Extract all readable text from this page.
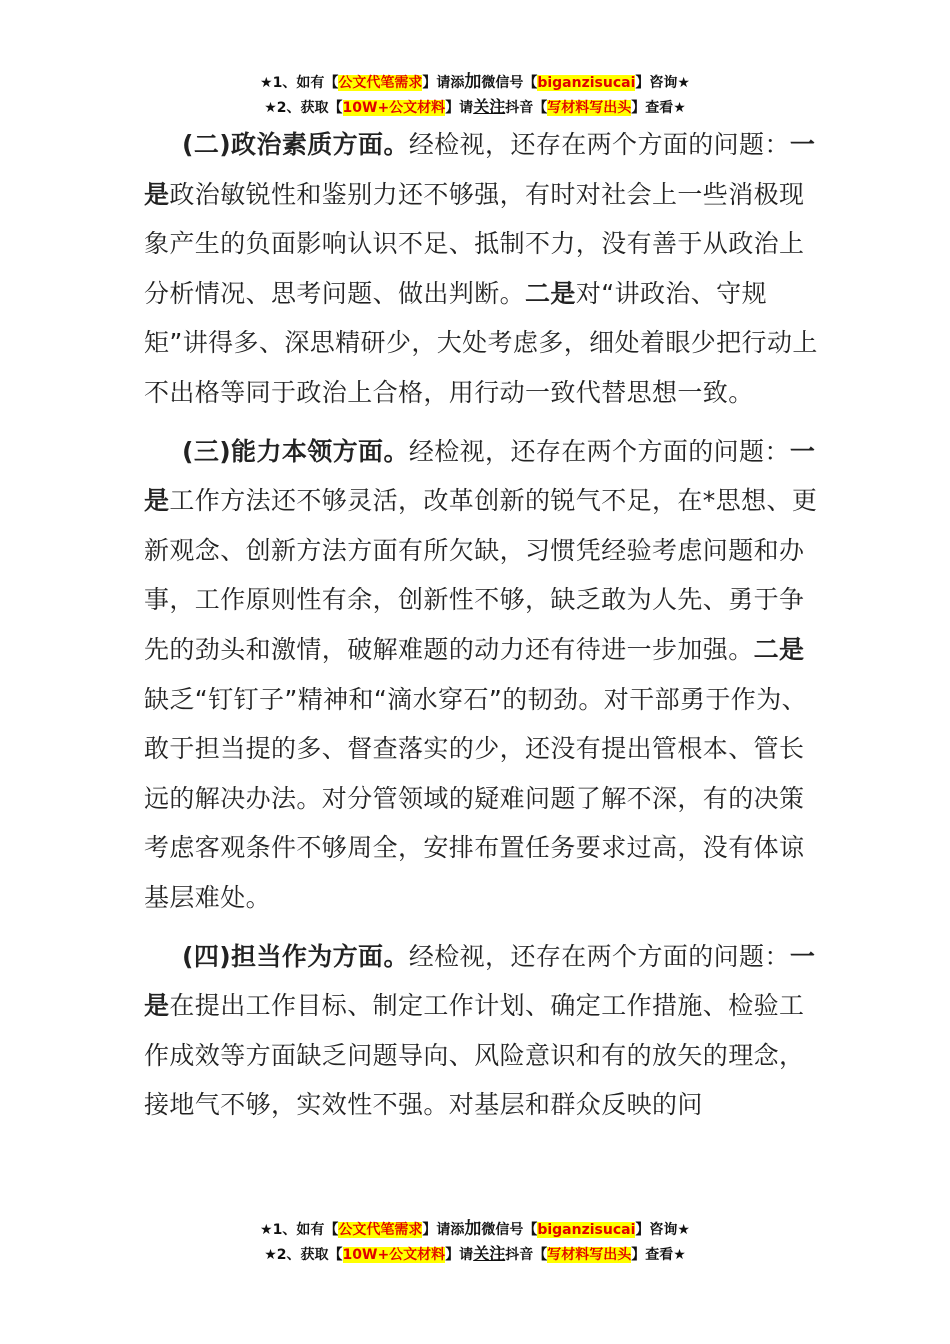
★1、如有【公文代笔需求】请添加微信号【biganzisucai】咨询★
★2、获取【10W+公文材料】请关注抖音【写材料写出头】查看★

(二)政治素质方面。经检视，还存在两个方面的问题：一是政治敏锐性和鉴别力还不够强，有时对社会上一些消极现象产生的负面影响认识不足、抵制不力，没有善于从政治上分析情况、思考问题、做出判断。二是对“讲政治、守规矩”讲得多、深思精研少，大处考虑多，细处着眼少把行动上不出格等同于政治上合格，用行动一致代替思想一致。

(三)能力本领方面。经检视，还存在两个方面的问题：一是工作方法还不够灵活，改革创新的锐气不足，在*思想、更新观念、创新方法方面有所欠缺，习惯凭经验考虑问题和办事，工作原则性有余，创新性不够，缺乏敢为人先、勇于争先的劲头和激情，破解难题的动力还有待进一步加强。二是缺乏“钉钉子”精神和“滴水穿石”的韧劲。对干部勇于作为、敢于担当提的多、督查落实的少，还没有提出管根本、管长远的解决办法。对分管领域的疑难问题了解不深，有的决策考虑客观条件不够周全，安排布置任务要求过高，没有体谅基层难处。

(四)担当作为方面。经检视，还存在两个方面的问题：一是在提出工作目标、制定工作计划、确定工作措施、检验工作成效等方面缺乏问题导向、风险意识和有的放矢的理念，接地气不够，实效性不强。对基层和群众反映的问

★1、如有【公文代笔需求】请添加微信号【biganzisucai】咨询★
★2、获取【10W+公文材料】请关注抖音【写材料写出头】查看★
